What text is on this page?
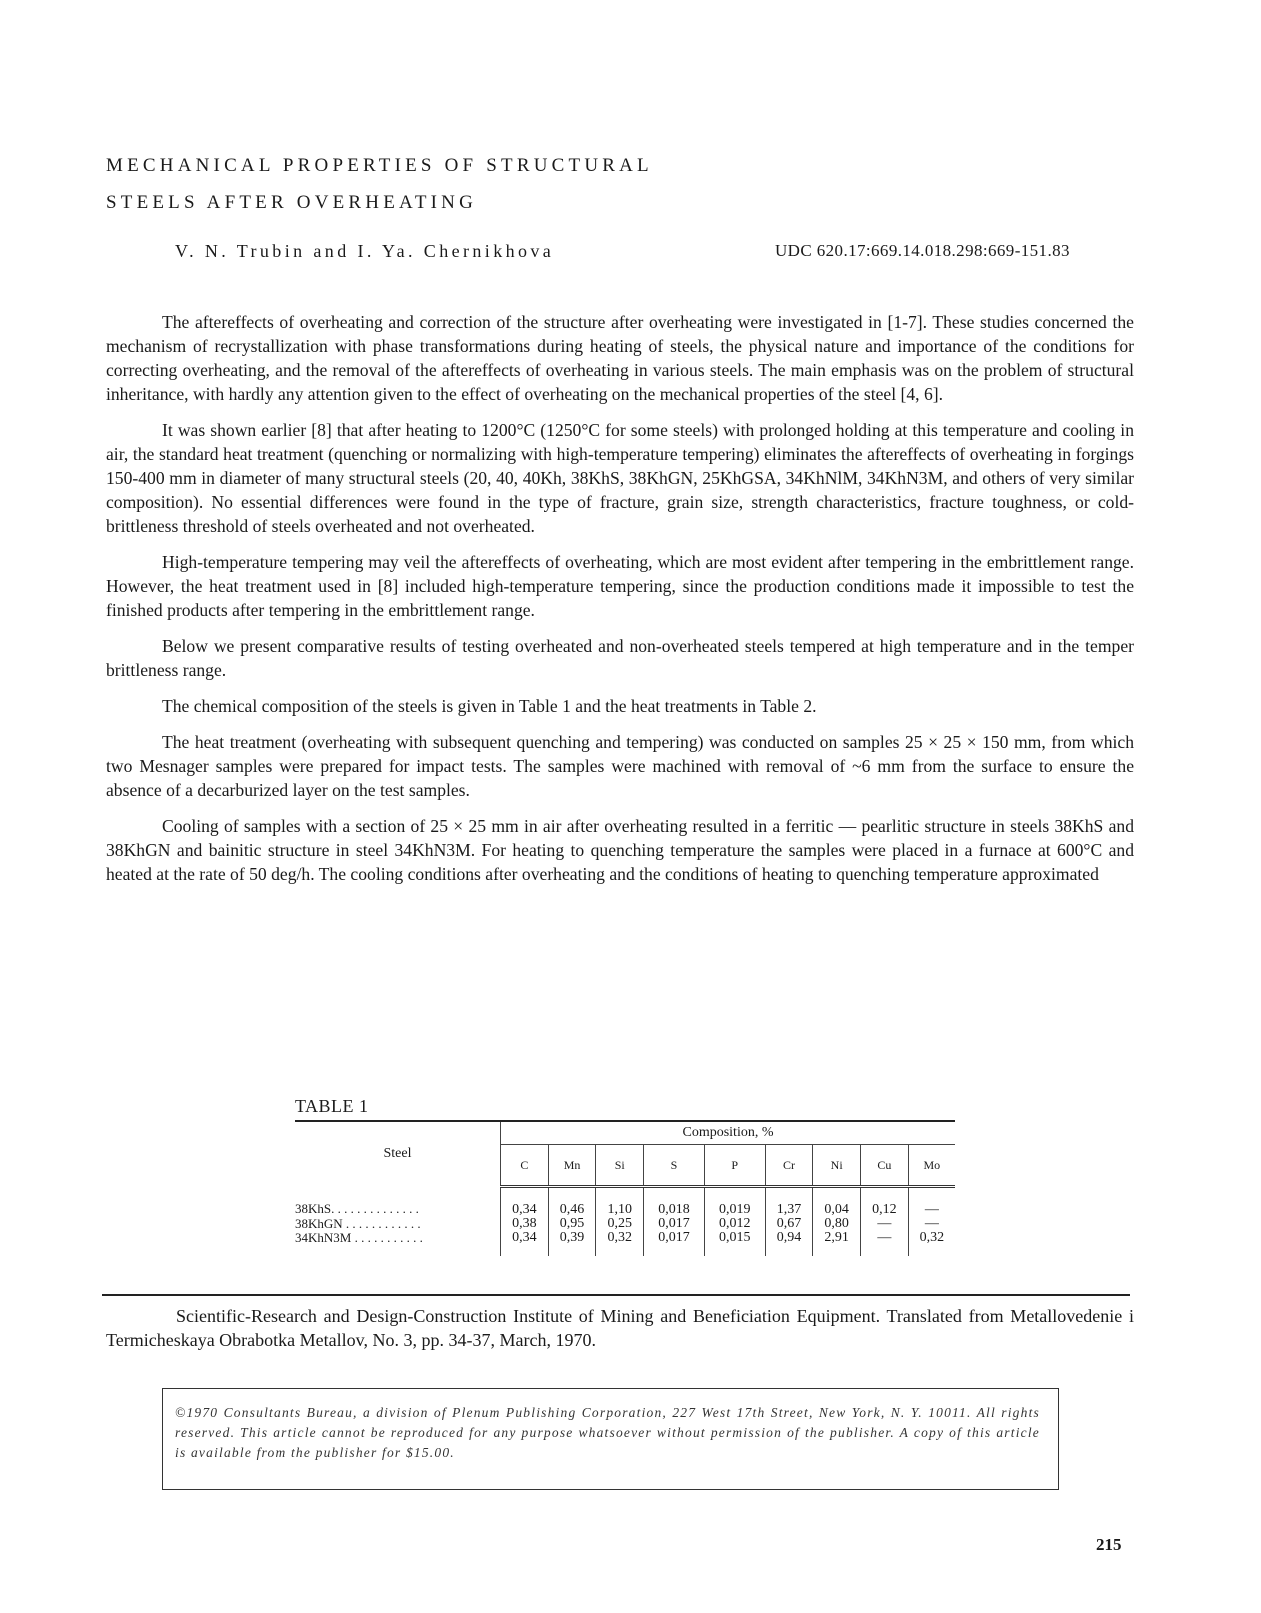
MECHANICAL PROPERTIES OF STRUCTURAL
STEELS AFTER OVERHEATING
V. N. Trubin and I. Ya. Chernikhova	UDC 620.17:669.14.018.298:669-151.83

The aftereffects of overheating and correction of the structure after overheating were investigated in [1-7]. These studies concerned the mechanism of recrystallization with phase transformations during heating of steels, the physical nature and importance of the conditions for correcting overheating, and the removal of the aftereffects of overheating in various steels. The main emphasis was on the problem of structural inheritance, with hardly any attention given to the effect of overheating on the mechanical properties of the steel [4, 6].

It was shown earlier [8] that after heating to 1200°C (1250°C for some steels) with prolonged holding at this temperature and cooling in air, the standard heat treatment (quenching or normalizing with high-temperature tempering) eliminates the aftereffects of overheating in forgings 150-400 mm in diameter of many structural steels (20, 40, 40Kh, 38KhS, 38KhGN, 25KhGSA, 34KhNlM, 34KhN3M, and others of very similar composition). No essential differences were found in the type of fracture, grain size, strength characteristics, fracture toughness, or cold-brittleness threshold of steels overheated and not overheated.

High-temperature tempering may veil the aftereffects of overheating, which are most evident after tempering in the embrittlement range. However, the heat treatment used in [8] included high-temperature tempering, since the production conditions made it impossible to test the finished products after tempering in the embrittlement range.

Below we present comparative results of testing overheated and non-overheated steels tempered at high temperature and in the temper brittleness range.

The chemical composition of the steels is given in Table 1 and the heat treatments in Table 2.

The heat treatment (overheating with subsequent quenching and tempering) was conducted on samples 25 × 25 × 150 mm, from which two Mesnager samples were prepared for impact tests. The samples were machined with removal of ~6 mm from the surface to ensure the absence of a decarburized layer on the test samples.

Cooling of samples with a section of 25 × 25 mm in air after overheating resulted in a ferritic — pearlitic structure in steels 38KhS and 38KhGN and bainitic structure in steel 34KhN3M. For heating to quenching temperature the samples were placed in a furnace at 600°C and heated at the rate of 50 deg/h. The cooling conditions after overheating and the conditions of heating to quenching temperature approximated

TABLE 1
Steel	Composition, %								
	C	Mn	Si	S	P	Cr	Ni	Cu	Mo
38KhS. . . . . . . . . . . . . .	0,34	0,46	1,10	0,018	0,019	1,37	0,04	0,12	—
38KhGN . . . . . . . . . . . .	0,38	0,95	0,25	0,017	0,012	0,67	0,80	—	—
34KhN3M . . . . . . . . . . .	0,34	0,39	0,32	0,017	0,015	0,94	2,91	—	0,32

Scientific-Research and Design-Construction Institute of Mining and Beneficiation Equipment. Translated from Metallovedenie i Termicheskaya Obrabotka Metallov, No. 3, pp. 34-37, March, 1970.

©1970 Consultants Bureau, a division of Plenum Publishing Corporation, 227 West 17th Street, New York, N. Y. 10011. All rights reserved. This article cannot be reproduced for any purpose whatsoever without permission of the publisher. A copy of this article is available from the publisher for $15.00.

215
